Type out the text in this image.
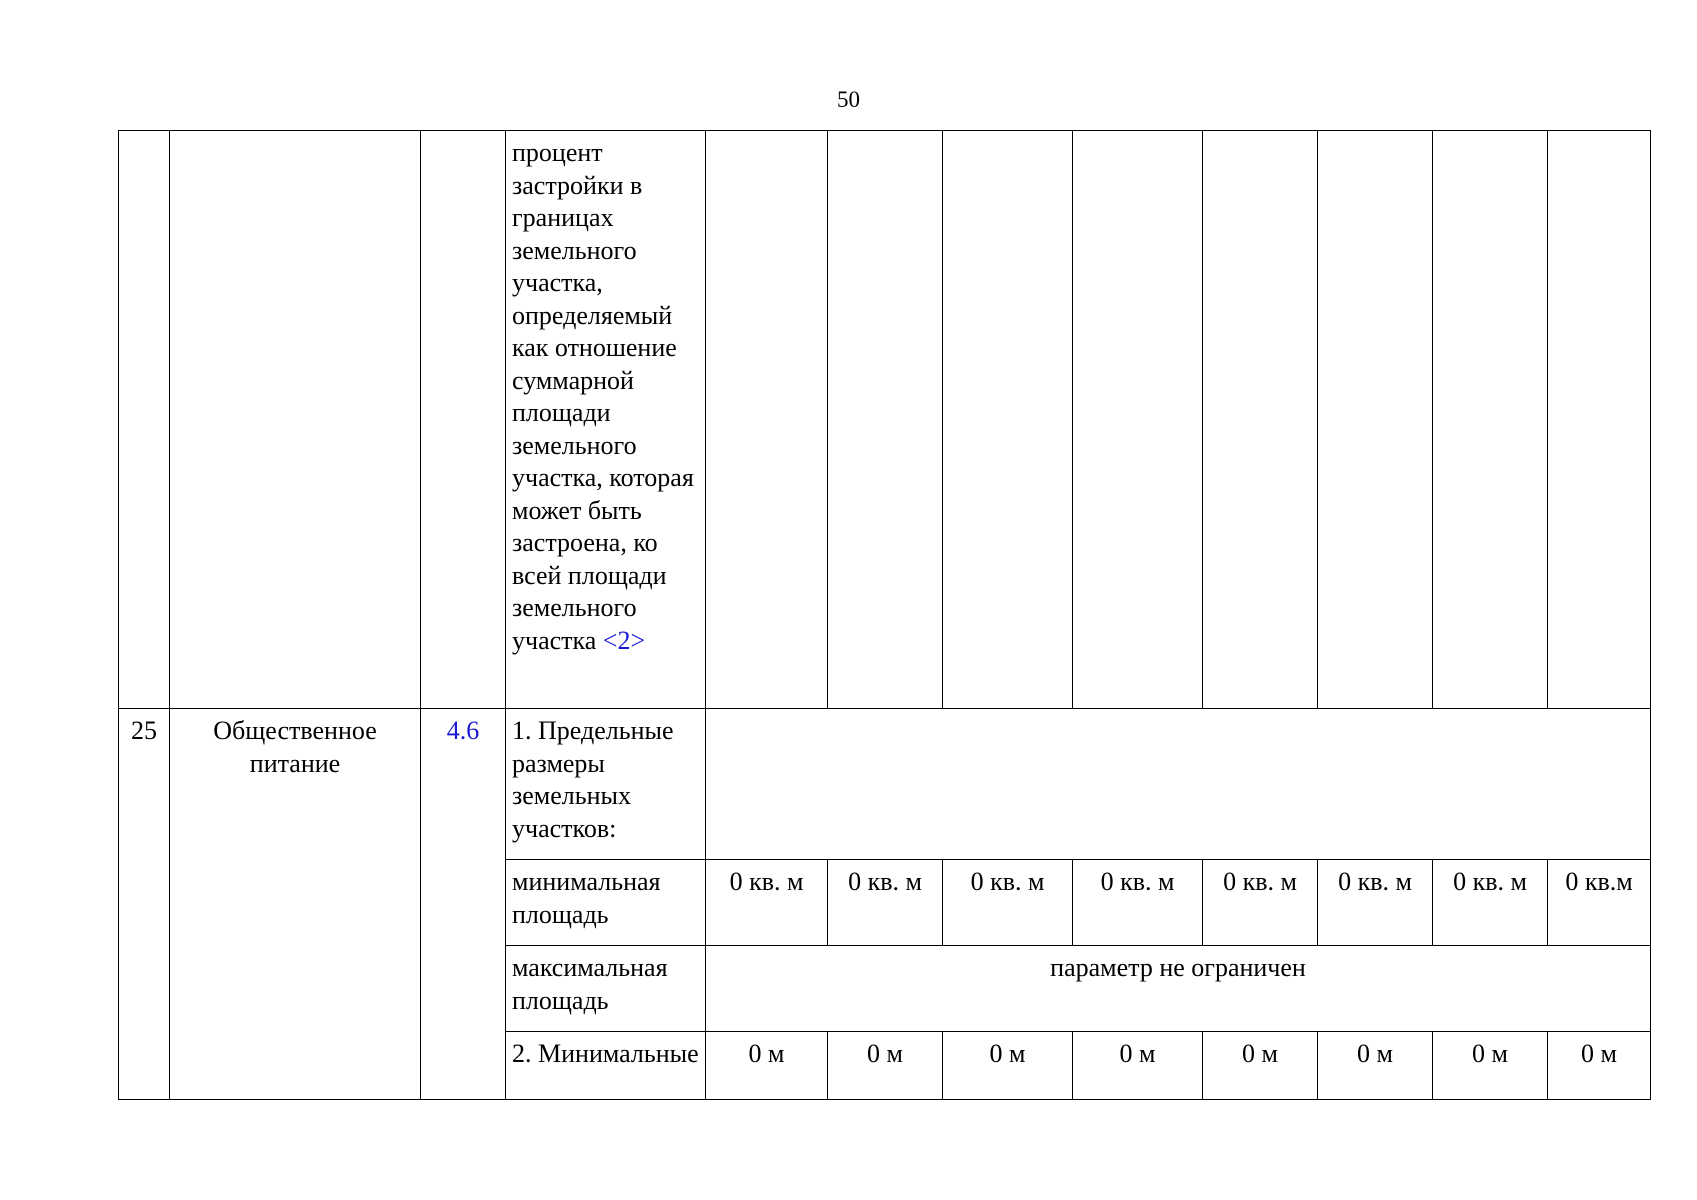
50
			процент застройки в границах земельного участка, определяемый как отношение суммарной площади земельного участка, которая может быть застроена, ко всей площади земельного участка <2>								
25	Общественное питание	4.6	1. Предельные размеры земельных участков:								
			минимальная площадь	0 кв. м	0 кв. м	0 кв. м	0 кв. м	0 кв. м	0 кв. м	0 кв. м	0 кв.м
			максимальная площадь	параметр не ограничен							
			2. Минимальные	0 м	0 м	0 м	0 м	0 м	0 м	0 м	0 м
